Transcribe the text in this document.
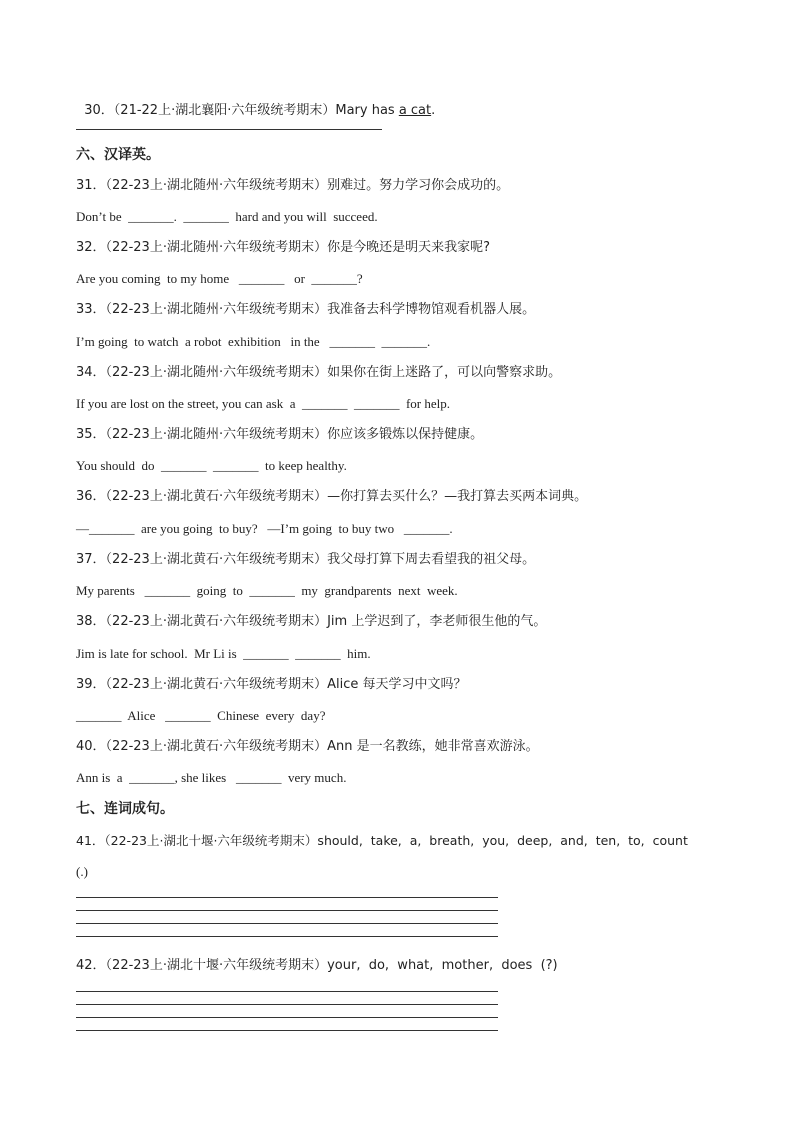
30．（21-22上·湖北襄阳·六年级统考期末）Mary has a cat.

六、汉译英。
31．（22-23上·湖北随州·六年级统考期末）别难过。努力学习你会成功的。
Don’t be  _______.  _______  hard and you will  succeed.
32．（22-23上·湖北随州·六年级统考期末）你是今晚还是明天来我家呢?
Are you coming  to my home   _______   or  _______?
33．（22-23上·湖北随州·六年级统考期末）我准备去科学博物馆观看机器人展。
I’m going  to watch  a robot  exhibition   in the   _______  _______.
34．（22-23上·湖北随州·六年级统考期末）如果你在街上迷路了，可以向警察求助。
If you are lost on the street, you can ask  a  _______  _______  for help.
35．（22-23上·湖北随州·六年级统考期末）你应该多锻炼以保持健康。
You should  do  _______  _______  to keep healthy.
36．（22-23上·湖北黄石·六年级统考期末）—你打算去买什么？—我打算去买两本词典。
—_______  are you going  to buy?   —I’m going  to buy two   _______.
37．（22-23上·湖北黄石·六年级统考期末）我父母打算下周去看望我的祖父母。
My parents   _______  going  to  _______  my  grandparents  next  week.
38．（22-23上·湖北黄石·六年级统考期末）Jim 上学迟到了，李老师很生他的气。
Jim is late for school.  Mr Li is  _______  _______  him.
39．（22-23上·湖北黄石·六年级统考期末）Alice 每天学习中文吗？
_______  Alice   _______  Chinese  every  day?
40．（22-23上·湖北黄石·六年级统考期末）Ann 是一名教练，她非常喜欢游泳。
Ann is  a  _______, she likes   _______  very much.
七、连词成句。
41．（22-23上·湖北十堰·六年级统考期末）should,  take,  a,  breath,  you,  deep,  and,  ten,  to,  count
(.)
42．（22-23上·湖北十堰·六年级统考期末）your,  do,  what,  mother,  does  (?)
